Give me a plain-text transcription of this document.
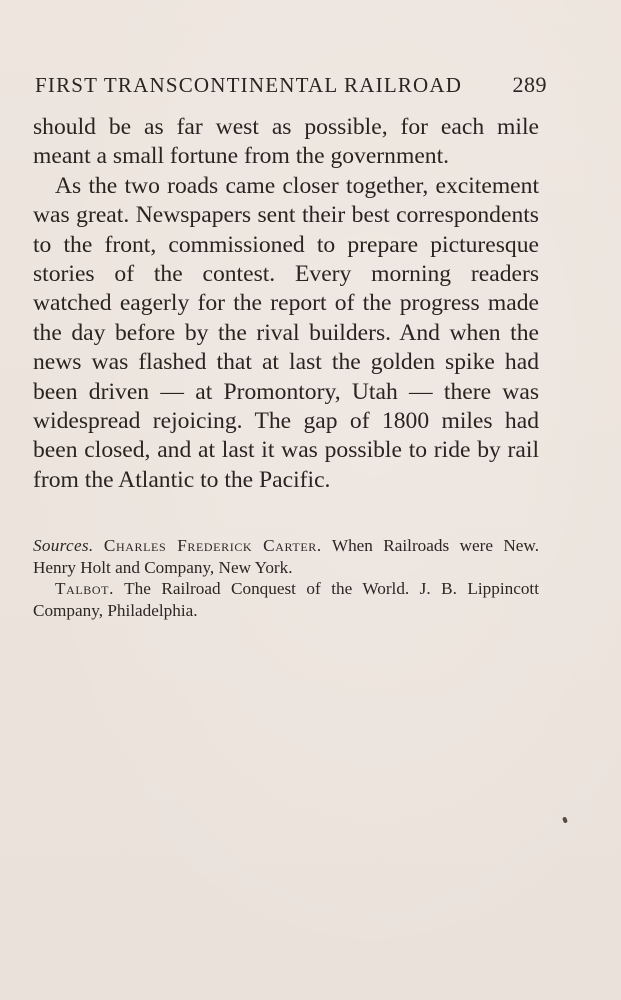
FIRST TRANSCONTINENTAL RAILROAD 289

should be as far west as possible, for each mile meant a small fortune from the government.

As the two roads came closer together, excitement was great. Newspapers sent their best correspondents to the front, commissioned to prepare picturesque stories of the contest. Every morning readers watched eagerly for the report of the progress made the day before by the rival builders. And when the news was flashed that at last the golden spike had been driven — at Promontory, Utah — there was widespread rejoicing. The gap of 1800 miles had been closed, and at last it was possible to ride by rail from the Atlantic to the Pacific.

Sources. Charles Frederick Carter. When Railroads were New. Henry Holt and Company, New York.

Talbot. The Railroad Conquest of the World. J. B. Lippincott Company, Philadelphia.
